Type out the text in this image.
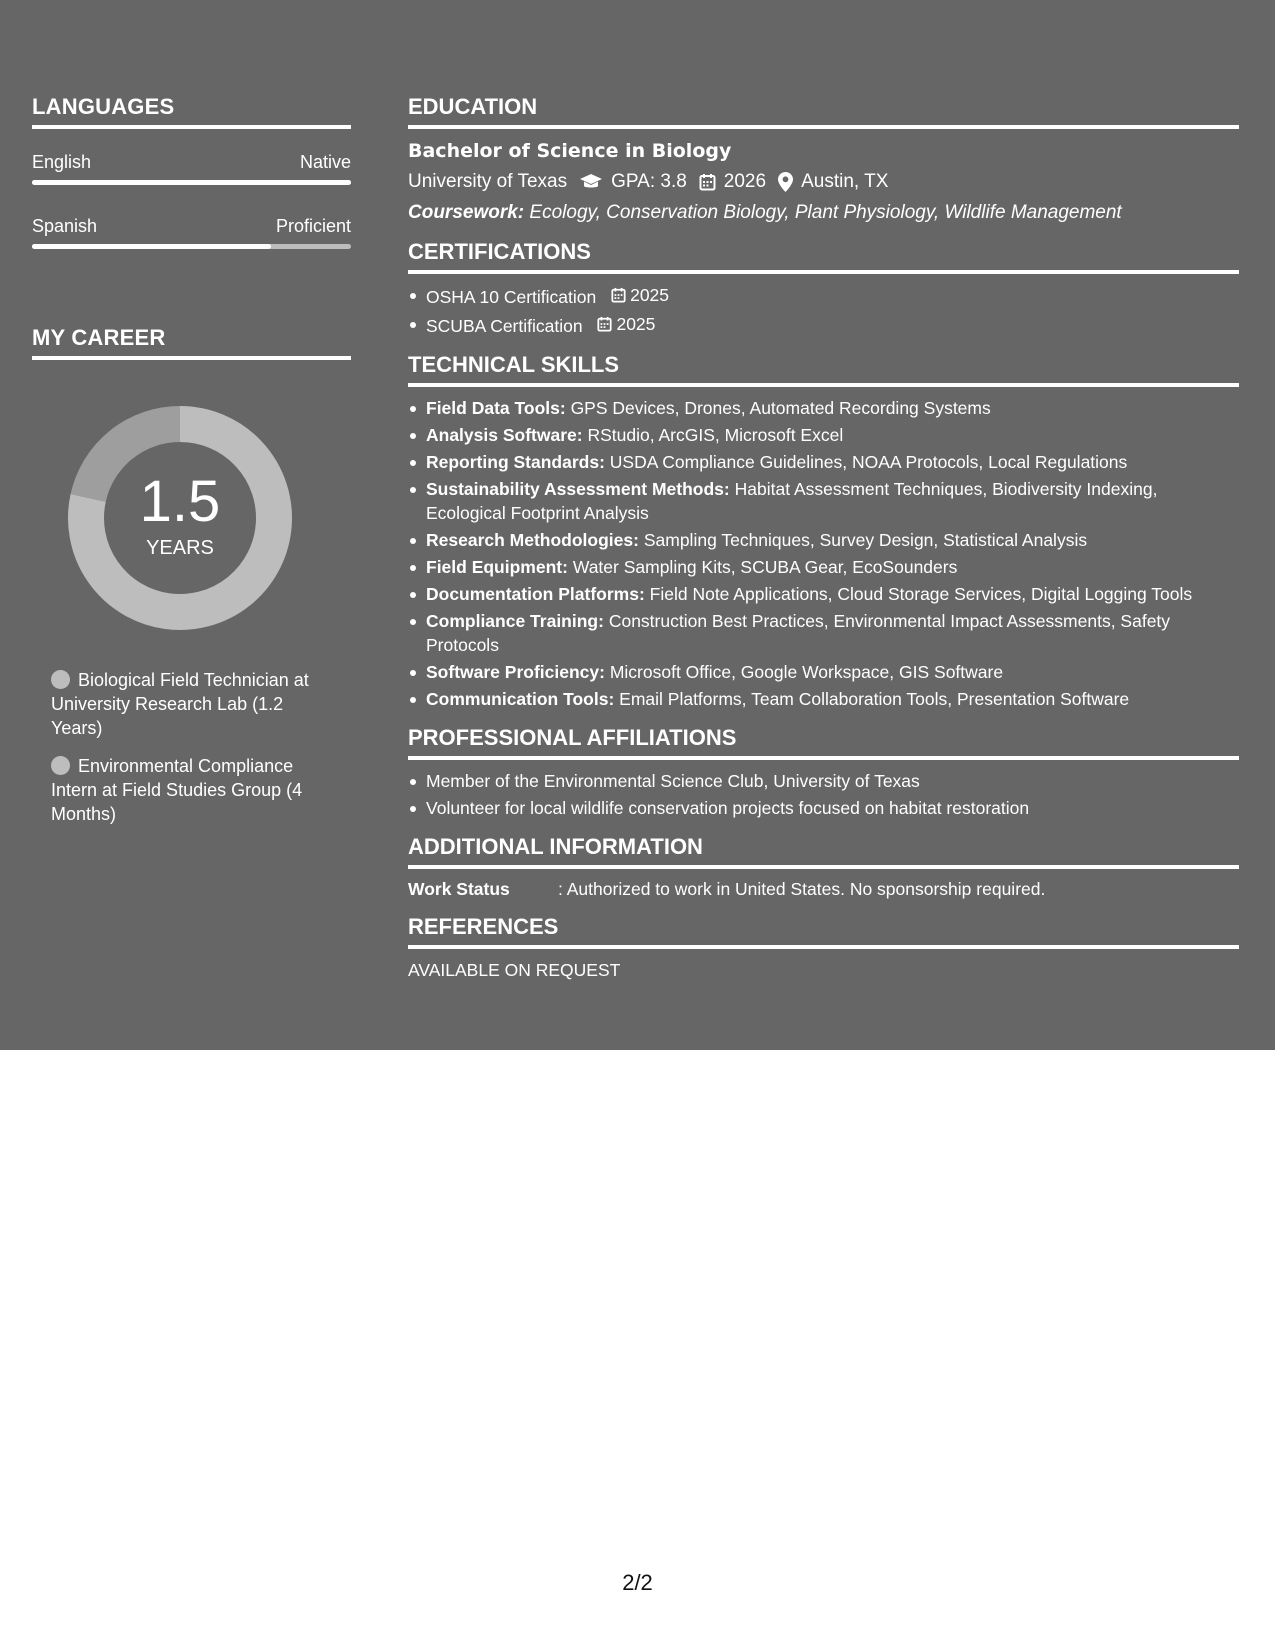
LANGUAGES
English	Native
Spanish	Proficient
MY CAREER
1.5
YEARS
Biological Field Technician at University Research Lab (1.2 Years)
Environmental Compliance Intern at Field Studies Group (4 Months)
EDUCATION
Bachelor of Science in Biology
University of Texas GPA: 3.8 2026 Austin, TX
Coursework: Ecology, Conservation Biology, Plant Physiology, Wildlife Management
CERTIFICATIONS
OSHA 10 Certification 2025
SCUBA Certification 2025
TECHNICAL SKILLS
Field Data Tools: GPS Devices, Drones, Automated Recording Systems
Analysis Software: RStudio, ArcGIS, Microsoft Excel
Reporting Standards: USDA Compliance Guidelines, NOAA Protocols, Local Regulations
Sustainability Assessment Methods: Habitat Assessment Techniques, Biodiversity Indexing, Ecological Footprint Analysis
Research Methodologies: Sampling Techniques, Survey Design, Statistical Analysis
Field Equipment: Water Sampling Kits, SCUBA Gear, EcoSounders
Documentation Platforms: Field Note Applications, Cloud Storage Services, Digital Logging Tools
Compliance Training: Construction Best Practices, Environmental Impact Assessments, Safety Protocols
Software Proficiency: Microsoft Office, Google Workspace, GIS Software
Communication Tools: Email Platforms, Team Collaboration Tools, Presentation Software
PROFESSIONAL AFFILIATIONS
Member of the Environmental Science Club, University of Texas
Volunteer for local wildlife conservation projects focused on habitat restoration
ADDITIONAL INFORMATION
Work Status	: Authorized to work in United States. No sponsorship required.
REFERENCES
AVAILABLE ON REQUEST
2/2
